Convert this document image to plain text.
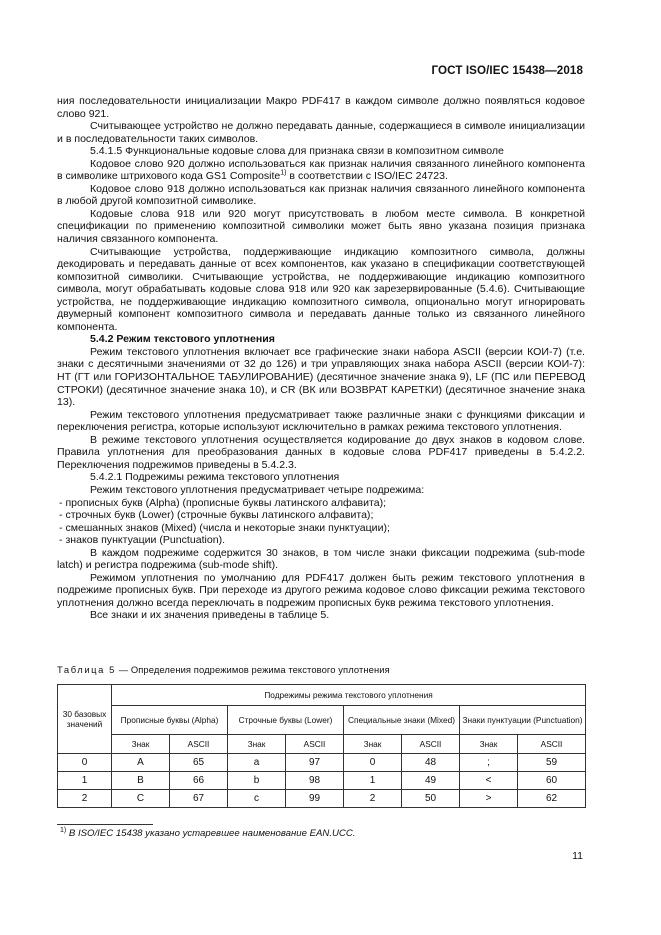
ГОСТ ISO/IEC 15438—2018

ния последовательности инициализации Макро PDF417 в каждом символе должно появляться кодовое слово 921.

Считывающее устройство не должно передавать данные, содержащиеся в символе инициализации и в последовательности таких символов.

5.4.1.5 Функциональные кодовые слова для признака связи в композитном символе

Кодовое слово 920 должно использоваться как признак наличия связанного линейного компонента в символике штрихового кода GS1 Composite$^{1)}$ в соответствии с ISO/IEC 24723.

Кодовое слово 918 должно использоваться как признак наличия связанного линейного компонента в любой другой композитной символике.

Кодовые слова 918 или 920 могут присутствовать в любом месте символа. В конкретной спецификации по применению композитной символики может быть явно указана позиция признака наличия связанного компонента.

Считывающие устройства, поддерживающие индикацию композитного символа, должны декодировать и передавать данные от всех компонентов, как указано в спецификации соответствующей композитной символики. Считывающие устройства, не поддерживающие индикацию композитного символа, могут обрабатывать кодовые слова 918 или 920 как зарезервированные (5.4.6). Считывающие устройства, не поддерживающие индикацию композитного символа, опционально могут игнорировать двумерный компонент композитного символа и передавать данные только из связанного линейного компонента.

5.4.2 Режим текстового уплотнения

Режим текстового уплотнения включает все графические знаки набора ASCII (версии КОИ-7) (т.е. знаки с десятичными значениями от 32 до 126) и три управляющих знака набора ASCII (версии КОИ-7): HT (ГТ или ГОРИЗОНТАЛЬНОЕ ТАБУЛИРОВАНИЕ) (десятичное значение знака 9), LF (ПС или ПЕРЕВОД СТРОКИ) (десятичное значение знака 10), и CR (ВК или ВОЗВРАТ КАРЕТКИ) (десятичное значение знака 13).

Режим текстового уплотнения предусматривает также различные знаки с функциями фиксации и переключения регистра, которые используют исключительно в рамках режима текстового уплотнения.

В режиме текстового уплотнения осуществляется кодирование до двух знаков в кодовом слове. Правила уплотнения для преобразования данных в кодовые слова PDF417 приведены в 5.4.2.2. Переключения подрежимов приведены в 5.4.2.3.

5.4.2.1 Подрежимы режима текстового уплотнения

Режим текстового уплотнения предусматривает четыре подрежима:

- прописных букв (Alpha) (прописные буквы латинского алфавита);

- строчных букв (Lower) (строчные буквы латинского алфавита);

- смешанных знаков (Mixed) (числа и некоторые знаки пунктуации);

- знаков пунктуации (Punctuation).

В каждом подрежиме содержится 30 знаков, в том числе знаки фиксации подрежима (sub-mode latch) и регистра подрежима (sub-mode shift).

Режимом уплотнения по умолчанию для PDF417 должен быть режим текстового уплотнения в подрежиме прописных букв. При переходе из другого режима кодовое слово фиксации режима текстового уплотнения должно всегда переключать в подрежим прописных букв режима текстового уплотнения.

Все знаки и их значения приведены в таблице 5.

Таблица 5 — Определения подрежимов режима текстового уплотнения
30 базовых значений	Подрежимы режима текстового уплотнения							
	Прописные буквы (Alpha)		Строчные буквы (Lower)		Специальные знаки (Mixed)		Знаки пунктуации (Punctuation)	
	Знак	ASCII	Знак	ASCII	Знак	ASCII	Знак	ASCII
0	A	65	a	97	0	48	;	59
1	B	66	b	98	1	49	<	60
2	C	67	c	99	2	50	>	62
$^{1)}$ В ISO/IEC 15438 указано устаревшее наименование EAN.UCC.
11
